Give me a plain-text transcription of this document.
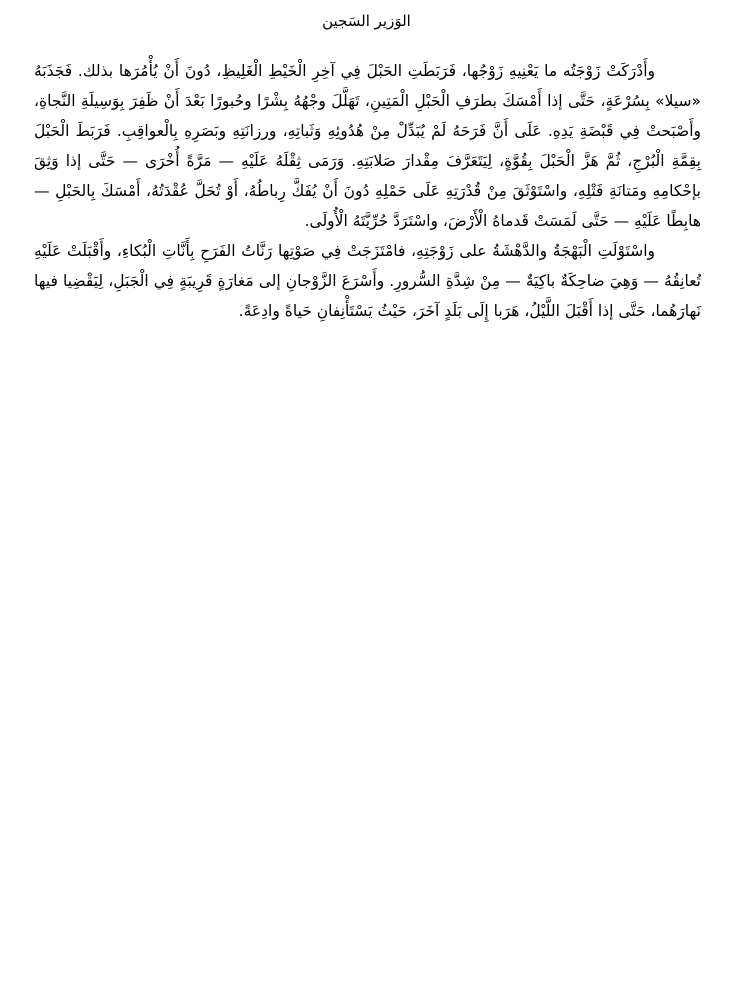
الوَزير السَجين

وأَدْرَكَتْ زَوْجَتُه ما يَعْنِيهِ زَوْجُها، فَرَبَطَتِ الحَبْلَ فِي آخِرِ الْخَيْطِ الْغَلِيظِ، دُونَ أَنْ يُأْمُرَها بذلك. فَجَذَبَهُ «سيلا» بِسُرْعَةٍ، حَتَّى إذا أَمْسَكَ بطرَفِ الْحَبْلِ الْمَتِينِ، تَهَلَّلَ وجْهُهُ بِشْرًا وحُبورًا بَعْدَ أَنْ ظَفِرَ بِوَسِيلَةِ النَّجاةِ، وأَصْبَحتْ فِي قَبْضَةِ يَدِهِ. عَلَى أَنَّ فَرَحَهُ لَمْ يُبَدِّلْ مِنْ هُدُوئِهِ وَثَباتِهِ، ورزانَتِهِ وبَصَرِهِ بِالْعواقِبِ. فَرَبَطَ الْحَبْلَ بِقِمَّةِ الْبُرْجِ، ثُمَّ هَزَّ الْحَبْلَ بِقُوَّةٍ، لِيَتَعَرَّفَ مِقْدارَ صَلابَتِهِ. وَرَمَى ثِقْلَهُ عَلَيْهِ — مَرَّةً أُخْرَى — حَتَّى إذا وَثِقَ بإحْكامِهِ ومَتانَةِ فَتْلِهِ، واسْتَوْثَقَ مِنْ قُدْرَتِهِ عَلَى حَمْلِهِ دُونَ أَنْ يُفَكَّ رِباطُهُ، أَوْ تُحَلَّ عُقْدَتُهُ، أَمْسَكَ بِالحَبْلِ — هابِطًا عَلَيْهِ — حَتَّى لَمَسَتْ قَدماهُ الْأَرْضَ، واسْتَرَدَّ حُرِّيَّتَهُ الْأُولَى.

واسْتَوْلَتِ الْبَهْجَةُ والدَّهْشَةُ على زَوْجَتِهِ، فامْتَزَجَتْ فِي صَوْتِها رَنَّاتُ الفَرَحِ بِأَنَّاتِ الْبُكاءِ، وأَقْبَلَتْ عَلَيْهِ تُعانِقُهُ — وَهِيَ ضاحِكَةٌ باكِيَةٌ — مِنْ شِدَّةِ السُّرورِ. وأَسْرَعَ الزَّوْجانِ إلى مَغارَةٍ قَرِيبَةٍ فِي الْجَبَلِ، لِيَقْضِيا فيها نَهارَهُما، حَتَّى إذا أَقْبَلَ اللَّيْلُ، هَرَبا إِلَى بَلَدٍ آخَرَ، حَيْثُ يَسْتَأْنِفانِ حَياةً وادِعَةً.
